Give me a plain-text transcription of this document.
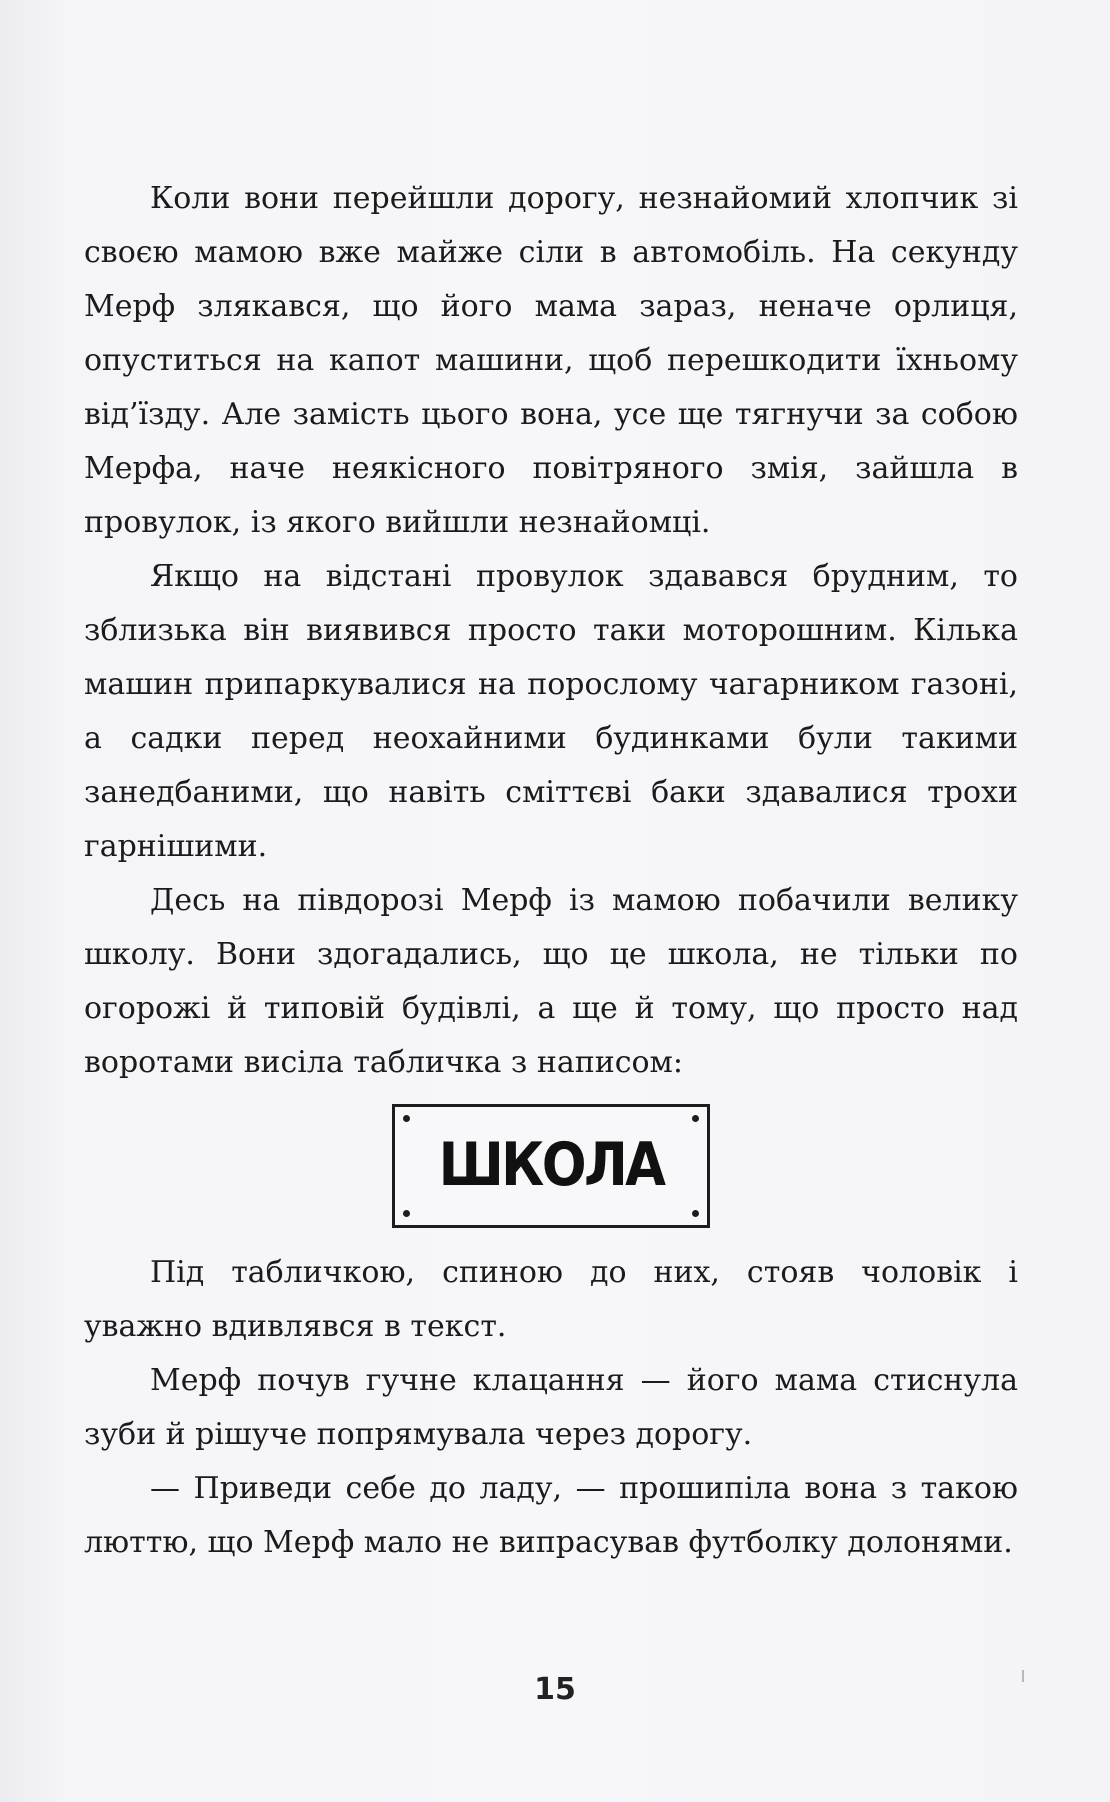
Коли вони перейшли дорогу, незнайомий хлопчик зі своєю мамою вже майже сіли в автомобіль. На секунду Мерф злякався, що його мама зараз, неначе орлиця, опуститься на капот машини, щоб перешкодити їхньому від’їзду. Але замість цього вона, усе ще тягнучи за собою Мерфа, наче неякісного повітряного змія, зайшла в провулок, із якого вийшли незнайомці.

Якщо на відстані провулок здавався брудним, то зблизька він виявився просто таки моторошним. Кілька машин припаркувалися на порослому чагарником газоні, а садки перед неохайними будинками були такими занедбаними, що навіть сміттєві баки здавалися трохи гарнішими.

Десь на півдорозі Мерф із мамою побачили велику школу. Вони здогадались, що це школа, не тільки по огорожі й типовій будівлі, а ще й тому, що просто над воротами висіла табличка з написом:

ШКОЛА

Під табличкою, спиною до них, стояв чоловік і уважно вдивлявся в текст.

Мерф почув гучне клацання — його мама стиснула зуби й рішуче попрямувала через дорогу.

— Приведи себе до ладу, — прошипіла вона з такою люттю, що Мерф мало не випрасував футболку долонями.

15
